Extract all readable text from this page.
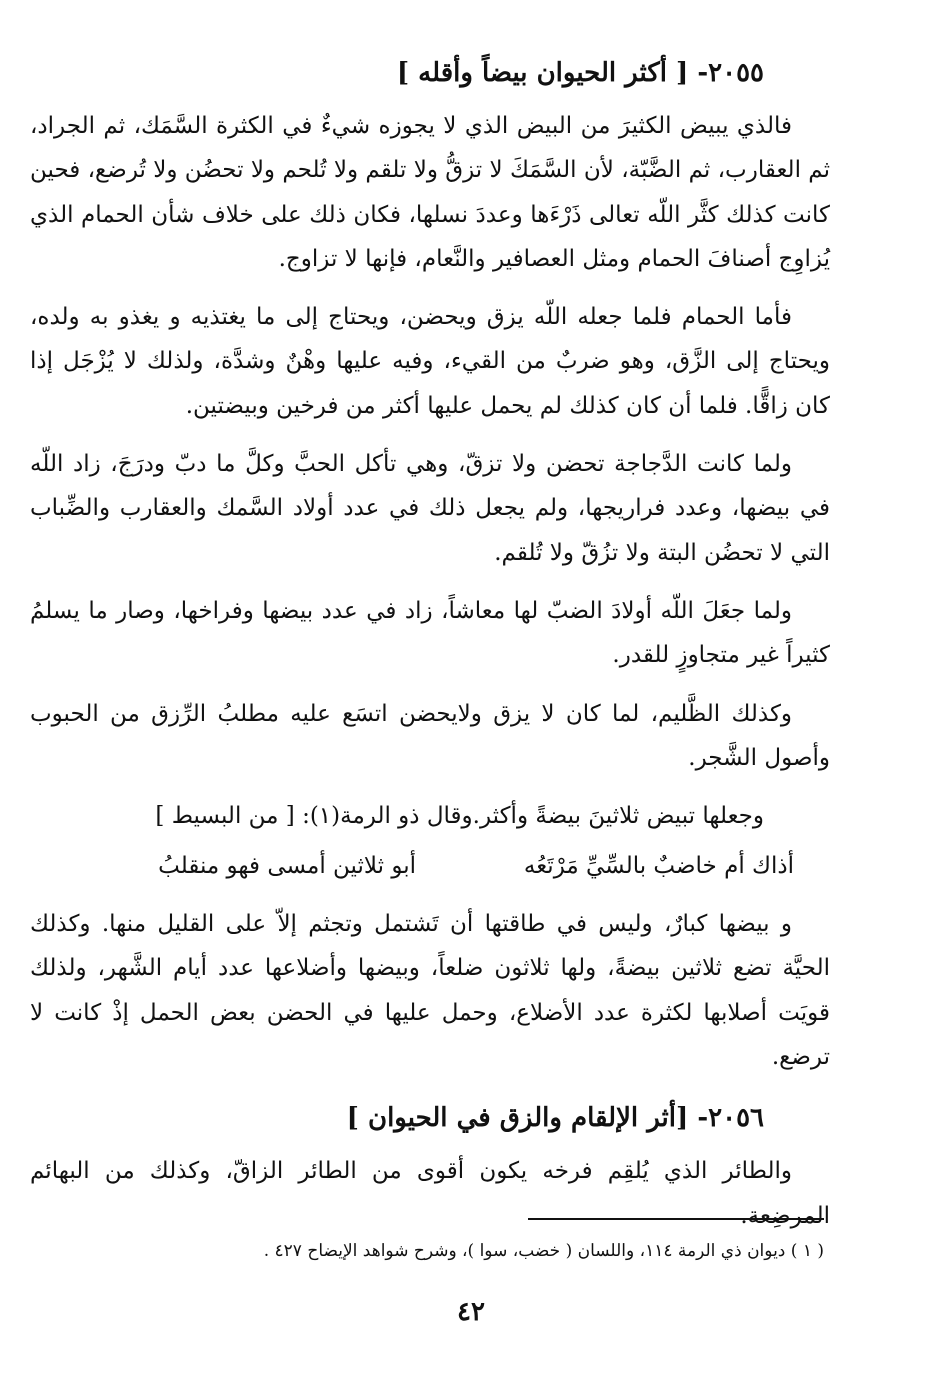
٢٠٥٥- [ أكثر الحيوان بيضاً وأقله ]

فالذي يبيض الكثيرَ من البيض الذي لا يجوزه شيءٌ في الكثرة السَّمَك، ثم الجراد، ثم العقارب، ثم الضَّبّة، لأن السَّمَكَ لا تزقُّ ولا تلقم ولا تُلحم ولا تحضُن ولا تُرضع، فحين كانت كذلك كثَّر اللّه تعالى ذَرْءَها وعددَ نسلها، فكان ذلك على خلاف شأن الحمام الذي يُزاوِج أصنافَ الحمام ومثل العصافير والنَّعام، فإنها لا تزاوج.

فأما الحمام فلما جعله اللّه يزق ويحضن، ويحتاج إلى ما يغتذيه و يغذو به ولده، ويحتاج إلى الزَّق، وهو ضربٌ من القيء، وفيه عليها وهْنٌ وشدَّة، ولذلك لا يُزْجَل إذا كان زاقًّا. فلما أن كان كذلك لم يحمل عليها أكثر من فرخين وبيضتين.

ولما كانت الدَّجاجة تحضن ولا تزقّ، وهي تأكل الحبَّ وكلَّ ما دبّ ودرَجَ، زاد اللّه في بيضها، وعدد فراريجها، ولم يجعل ذلك في عدد أولاد السَّمك والعقارب والضِّباب التي لا تحضُن البتة ولا تزُقّ ولا تُلقم.

ولما جعَلَ اللّه أولادَ الضبّ لها معاشاً، زاد في عدد بيضها وفراخها، وصار ما يسلمُ كثيراً غير متجاوزٍ للقدر.

وكذلك الظَّليم، لما كان لا يزق ولايحضن اتسَع عليه مطلبُ الرِّزق من الحبوب وأصول الشَّجر.

وجعلها تبيض ثلاثينَ بيضةً وأكثر.وقال ذو الرمة(١): [ من البسيط ]
أذاك أم خاضبٌ بالسِّيِّ مَرْتَعُه
أبو ثلاثين أمسى فهو منقلبُ

و بيضها كبارٌ، وليس في طاقتها أن تَشتمل وتجثم إلاّ على القليل منها. وكذلك الحيَّة تضع ثلاثين بيضةً، ولها ثلاثون ضلعاً، وبيضها وأضلاعها عدد أيام الشَّهر، ولذلك قويَت أصلابها لكثرة عدد الأضلاع، وحمل عليها في الحضن بعض الحمل إذْ كانت لا ترضع.

٢٠٥٦- [أثر الإلقام والزق في الحيوان ]

والطائر الذي يُلقِم فرخه يكون أقوى من الطائر الزاقّ، وكذلك من البهائم المرضِعة.

( ١ ) ديوان ذي الرمة ١١٤، واللسان ( خضب، سوا )، وشرح شواهد الإيضاح ٤٢٧ .
٤٢
